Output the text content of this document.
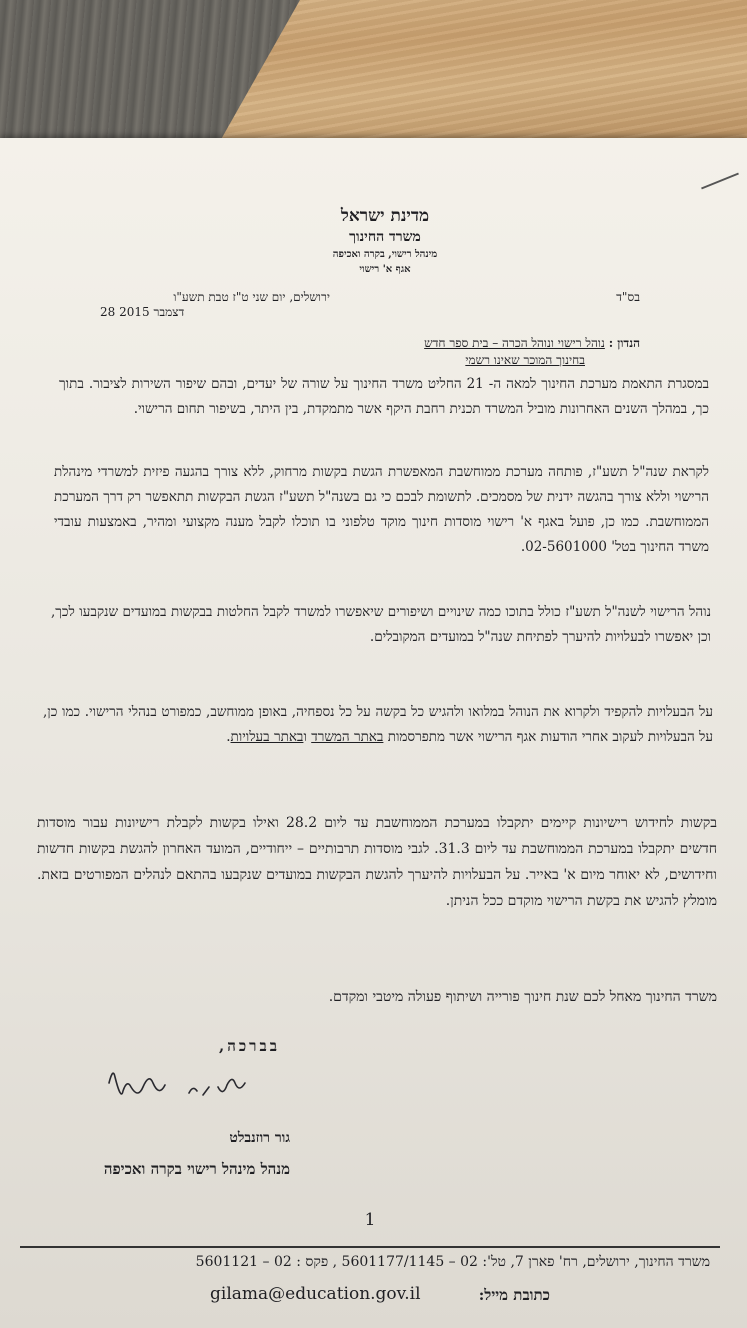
מדינת ישראל
משרד החינוך
מינהל רישוי, בקרה ואכיפה
אגף א' רישוי
בס"ד
ירושלים, יום שני ט"ז טבת תשע"ו
28 דצמבר 2015
הנדון : נוהל רישוי ונוהל הכרה – בית ספר חדש
בחינוך המוכר שאינו רשמי
במסגרת התאמת מערכת החינוך למאה ה- 21 החליט משרד החינוך על שורה של יעדים, ובהם שיפור השירות לציבור. בתוך כך, במהלך השנים האחרונות מוביל המשרד תכנית רחבת היקף אשר מתמקדת, בין היתר, בשיפור תחום הרישוי.
לקראת שנה"ל תשע"ז, פותחה מערכת ממוחשבת המאפשרת הגשת בקשות מרחוק, ללא צורך בהגעה פיזית למשרדי מינהלת הרישוי וללא צורך בהגשה ידנית של מסמכים. לתשומת לבכם כי גם בשנה"ל תשע"ז הגשת הבקשות תתאפשר רק דרך המערכת הממוחשבת. כמו כן, פועל באגף א' רישוי מוסדות חינוך מוקד טלפוני בו תוכלו לקבל מענה מקצועי ומהיר, באמצעות עובדי משרד החינוך בטל' 02-5601000.
נוהל הרישוי לשנה"ל תשע"ז כולל בתוכו כמה שינויים ושיפורים שיאפשרו למשרד לקבל החלטות בבקשות במועדים שנקבעו לכך, וכן יאפשרו לבעלויות להיערך לפתיחת שנה"ל במועדים המקובלים.
על הבעלויות להקפיד ולקרוא את הנוהל במלואו ולהגיש כל בקשה על כל נספחיה, באופן ממוחשב, כמפורט בנהלי הרישוי. כמו כן, על הבעלויות לעקוב אחרי הודעות אגף הרישוי אשר מתפרסמות באתר המשרד ובאתר בעלויות.
בקשות לחידוש רישיונות קיימים יתקבלו במערכת הממוחשבת עד ליום 28.2 ואילו בקשות לקבלת רישיונות עבור מוסדות חדשים יתקבלו במערכת הממוחשבת עד ליום 31.3. לגבי מוסדות תרבותיים – ייחודיים, המועד האחרון להגשת בקשות חדשות וחידושים, לא יאוחר מיום א' באייר. על הבעלויות להיערך להגשת הבקשות במועדים שנקבעו בהתאם לנהלים המפורטים בזאת. מומלץ להגיש את בקשת הרישוי מוקדם ככל הניתן.
משרד החינוך מאחל לכם שנת חינוך פורייה ושיתוף פעולה מיטבי ומקדם.
בברכה,
גור רוזנבלט
מנהל מינהל רישוי בקרה ואכיפה
1
משרד החינוך, ירושלים, רח' פארן 7, טל': 02 – 5601177/1145 , פקס : 02 – 5601121
כתובת מייל:
gilama@education.gov.il
